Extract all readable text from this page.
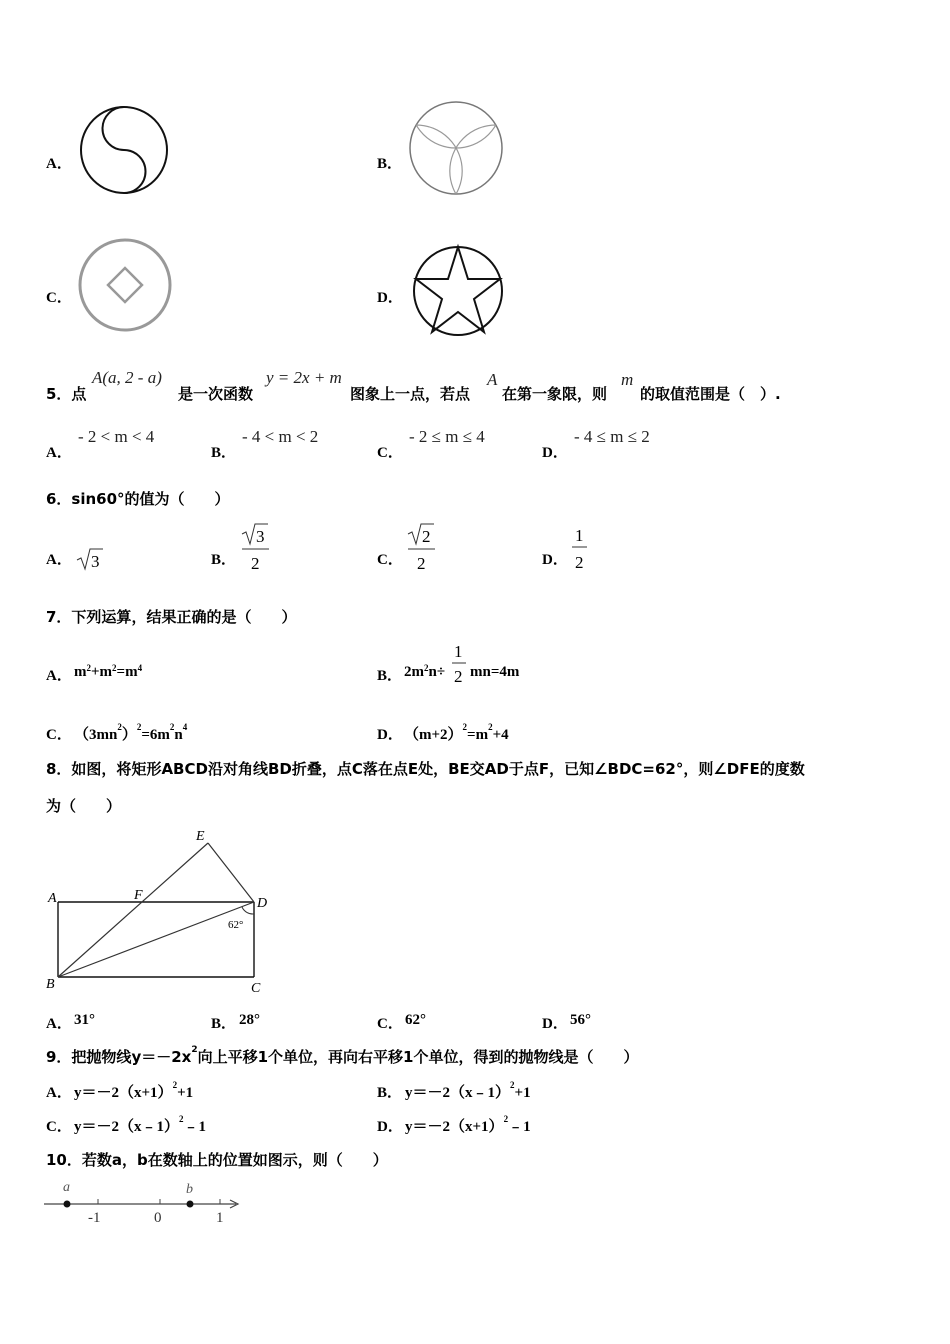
A．	B．
C．	D．
5．点
A(a, 2 - a)
是一次函数
y = 2x + m
图象上一点，若点
A
在第一象限，则
m
的取值范围是（　）.
A．
- 2 < m < 4
B．
- 4 < m < 2
C．
- 2 ≤ m ≤ 4
D．
- 4 ≤ m ≤ 2
6．sin60°的值为（　　）
A． 3	B．
3
2	C．
2
2	D．
1
2
7．下列运算，结果正确的是（　　）
A． $m^2+m^2=m^4$	B． $2m^2n\div$
1
2 mn=4m
C． $(3mn^2)^2=6m^2n^4$	D． $(m+2)^2=m^2+4$
8．如图，将矩形ABCD沿对角线BD折叠，点C落在点E处，BE交AD于点F，已知∠BDC=62°，则∠DFE的度数
为（　　）
A
B	C
D
E
F
62°
A． 31°	B． 28°	C． 62°	D． 56°
9．把抛物线$y=-2x^2$向上平移1个单位，再向右平移1个单位，得到的抛物线是（　　）
A． $y=-2(x+1)^2+1$	B． y＝－2（x﹣1）$^2$+1
C． y＝－2（x﹣1）$^2$﹣1	D． $y=-2(x+1)^2﹣1$
10．若数a，b在数轴上的位置如图示，则（　　）
a	b
-1	0	1
